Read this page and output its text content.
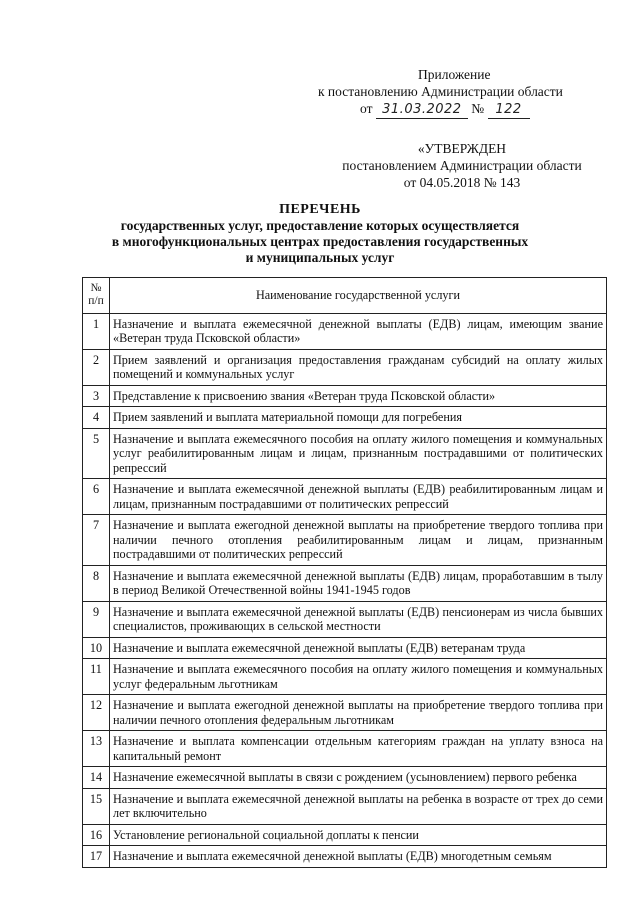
Приложение
к постановлению Администрации области
от 31.03.2022 № 122
«УТВЕРЖДЕН
постановлением Администрации области
от 04.05.2018 № 143
ПЕРЕЧЕНЬ
государственных услуг, предоставление которых осуществляется
в многофункциональных центрах предоставления государственных
и муниципальных услуг
№
п/п	Наименование государственной услуги
1	Назначение и выплата ежемесячной денежной выплаты (ЕДВ) лицам, имеющим звание «Ветеран труда Псковской области»
2	Прием заявлений и организация предоставления гражданам субсидий на оплату жилых помещений и коммунальных услуг
3	Представление к присвоению звания «Ветеран труда Псковской области»
4	Прием заявлений и выплата материальной помощи для погребения
5	Назначение и выплата ежемесячного пособия на оплату жилого помещения и коммунальных услуг реабилитированным лицам и лицам, признанным пострадавшими от политических репрессий
6	Назначение и выплата ежемесячной денежной выплаты (ЕДВ) реабилитированным лицам и лицам, признанным пострадавшими от политических репрессий
7	Назначение и выплата ежегодной денежной выплаты на приобретение твердого топлива при наличии печного отопления реабилитированным лицам и лицам, признанным пострадавшими от политических репрессий
8	Назначение и выплата ежемесячной денежной выплаты (ЕДВ) лицам, проработавшим в тылу в период Великой Отечественной войны 1941-1945 годов
9	Назначение и выплата ежемесячной денежной выплаты (ЕДВ) пенсионерам из числа бывших специалистов, проживающих в сельской местности
10	Назначение и выплата ежемесячной денежной выплаты (ЕДВ) ветеранам труда
11	Назначение и выплата ежемесячного пособия на оплату жилого помещения и коммунальных услуг федеральным льготникам
12	Назначение и выплата ежегодной денежной выплаты на приобретение твердого топлива при наличии печного отопления федеральным льготникам
13	Назначение и выплата компенсации отдельным категориям граждан на уплату взноса на капитальный ремонт
14	Назначение ежемесячной выплаты в связи с рождением (усыновлением) первого ребенка
15	Назначение и выплата ежемесячной денежной выплаты на ребенка в возрасте от трех до семи лет включительно
16	Установление региональной социальной доплаты к пенсии
17	Назначение и выплата ежемесячной денежной выплаты (ЕДВ) многодетным семьям
